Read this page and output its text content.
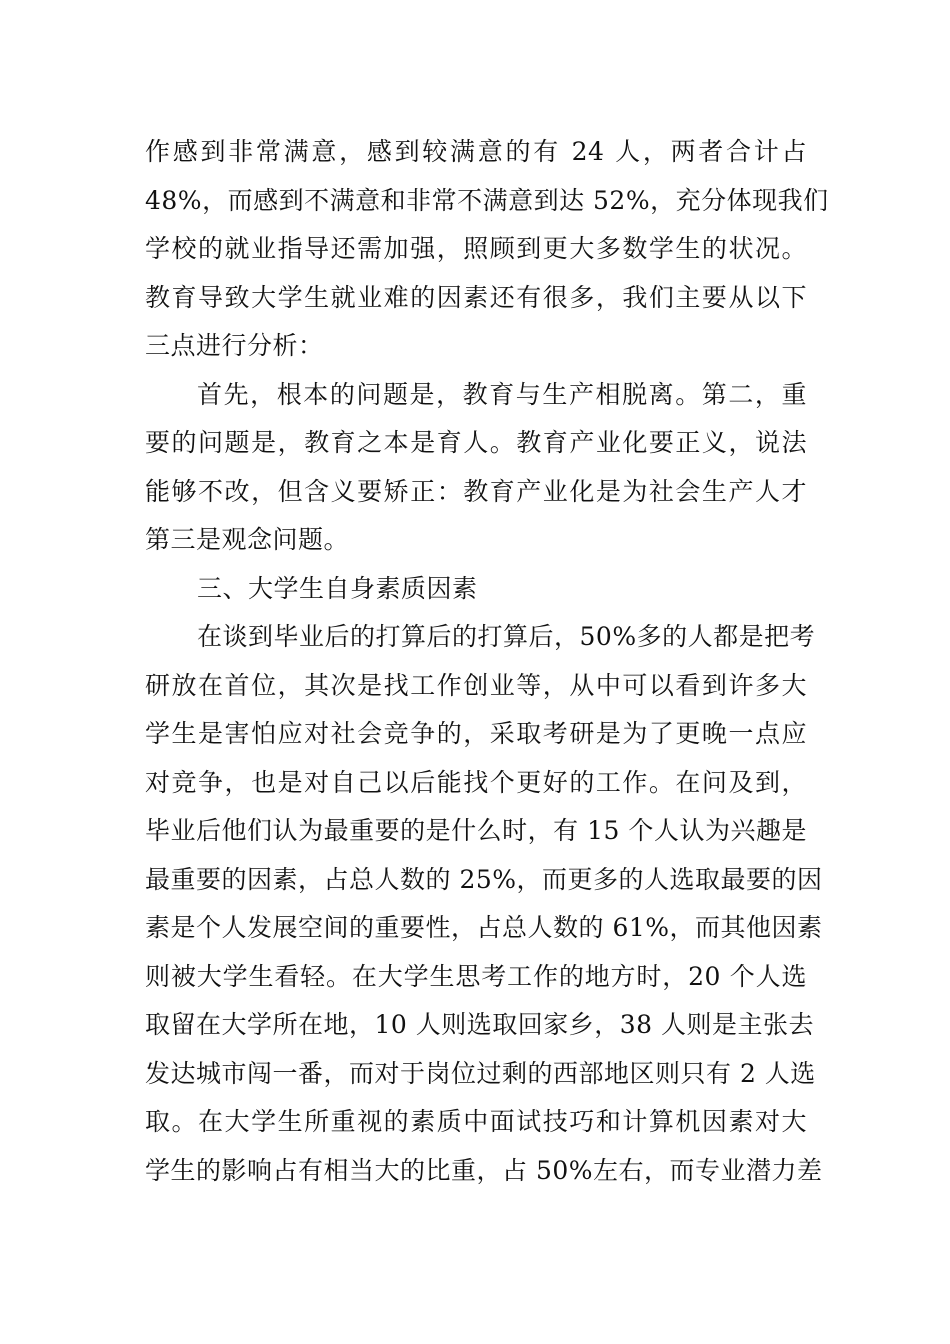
作感到非常满意，感到较满意的有 24 人，两者合计占
48%，而感到不满意和非常不满意到达 52%，充分体现我们
学校的就业指导还需加强，照顾到更大多数学生的状况。
教育导致大学生就业难的因素还有很多，我们主要从以下
三点进行分析：
首先，根本的问题是，教育与生产相脱离。第二，重
要的问题是，教育之本是育人。教育产业化要正义，说法
能够不改，但含义要矫正：教育产业化是为社会生产人才
第三是观念问题。
三、大学生自身素质因素
在谈到毕业后的打算后的打算后，50%多的人都是把考
研放在首位，其次是找工作创业等，从中可以看到许多大
学生是害怕应对社会竞争的，采取考研是为了更晚一点应
对竞争，也是对自己以后能找个更好的工作。在问及到，
毕业后他们认为最重要的是什么时，有 15 个人认为兴趣是
最重要的因素，占总人数的 25%，而更多的人选取最要的因
素是个人发展空间的重要性，占总人数的 61%，而其他因素
则被大学生看轻。在大学生思考工作的地方时，20 个人选
取留在大学所在地，10 人则选取回家乡，38 人则是主张去
发达城市闯一番，而对于岗位过剩的西部地区则只有 2 人选
取。在大学生所重视的素质中面试技巧和计算机因素对大
学生的影响占有相当大的比重，占 50%左右，而专业潜力差
